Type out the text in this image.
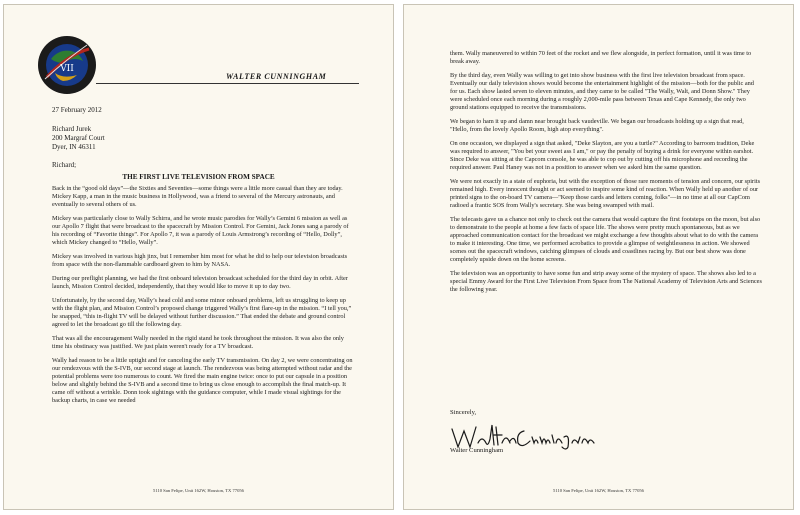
VII
WALTER CUNNINGHAM
27 February 2012
Richard Jurek
200 Margraf Court
Dyer, IN 46311
Richard;
THE FIRST LIVE TELEVISION FROM SPACE

Back in the “good old days”—the Sixties and Seventies—some things were a little more casual than they are today. Mickey Kapp, a man in the music business in Hollywood, was a friend to several of the Mercury astronauts, and eventually to several others of us.

Mickey was particularly close to Wally Schirra, and he wrote music parodies for Wally’s Gemini 6 mission as well as our Apollo 7 flight that were broadcast to the spacecraft by Mission Control. For Gemini, Jack Jones sang a parody of his recording of “Favorite things”. For Apollo 7, it was a parody of Louis Armstrong’s recording of “Hello, Dolly”, which Mickey changed to “Hello, Wally”.

Mickey was involved in various high jinx, but I remember him most for what he did to help our television broadcasts from space with the non-flammable cardboard given to him by NASA.

During our preflight planning, we had the first onboard television broadcast scheduled for the third day in orbit. After launch, Mission Control decided, independently, that they would like to move it up to day two.

Unfortunately, by the second day, Wally’s head cold and some minor onboard problems, left us struggling to keep up with the flight plan, and Mission Control’s proposed change triggered Wally’s first flare-up in the mission. “I tell you,” he snapped, “this in-flight TV will be delayed without further discussion.” That ended the debate and ground control agreed to let the broadcast go till the following day.

That was all the encouragement Wally needed in the rigid stand he took throughout the mission. It was also the only time his obstinacy was justified. We just plain weren't ready for a TV broadcast.

Wally had reason to be a little uptight and for canceling the early TV transmission. On day 2, we were concentrating on our rendezvous with the S-IVB, our second stage at launch. The rendezvous was being attempted without radar and the potential problems were too numerous to count. We fired the main engine twice: once to put our capsule in a position below and slightly behind the S-IVB and a second time to bring us close enough to accomplish the final match-up. It came off without a wrinkle. Donn took sightings with the guidance computer, while I made visual sightings for the backup charts, in case we needed

5110 San Felipe, Unit 162W, Houston, TX 77056

them. Wally maneuvered to within 70 feet of the rocket and we flew alongside, in perfect formation, until it was time to break away.

By the third day, even Wally was willing to get into show business with the first live television broadcast from space. Eventually our daily television shows would become the entertainment highlight of the mission—both for the public and for us. Each show lasted seven to eleven minutes, and they came to be called "The Wally, Walt, and Donn Show." They were scheduled once each morning during a roughly 2,000-mile pass between Texas and Cape Kennedy, the only two ground stations equipped to receive the transmissions.

We began to ham it up and damn near brought back vaudeville. We began our broadcasts holding up a sign that read, "Hello, from the lovely Apollo Room, high atop everything".

On one occasion, we displayed a sign that asked, "Deke Slayton, are you a turtle?" According to barroom tradition, Deke was required to answer, "You bet your sweet ass I am," or pay the penalty of buying a drink for everyone within earshot. Since Deke was sitting at the Capcom console, he was able to cop out by cutting off his microphone and recording the required answer. Paul Haney was not in a position to answer when we asked him the same question.

We were not exactly in a state of euphoria, but with the exception of those rare moments of tension and concern, our spirits remained high. Every innocent thought or act seemed to inspire some kind of reaction. When Wally held up another of our printed signs to the on-board TV camera—"Keep those cards and letters coming, folks"—in no time at all our CapCom radioed a frantic SOS from Wally's secretary. She was being swamped with mail.

The telecasts gave us a chance not only to check out the camera that would capture the first footsteps on the moon, but also to demonstrate to the people at home a few facts of space life. The shows were pretty much spontaneous, but as we approached communication contact for the broadcast we might exchange a few thoughts about what to do with the camera to make it interesting. One time, we performed acrobatics to provide a glimpse of weightlessness in action. We showed scenes out the spacecraft windows, catching glimpses of clouds and coastlines racing by. But our best show was done completely upside down on the home screens.

The television was an opportunity to have some fun and strip away some of the mystery of space. The shows also led to a special Emmy Award for the First Live Television From Space from The National Academy of Television Arts and Sciences the following year.

Sincerely,
Walter Cunningham
5110 San Felipe, Unit 162W, Houston, TX 77056
